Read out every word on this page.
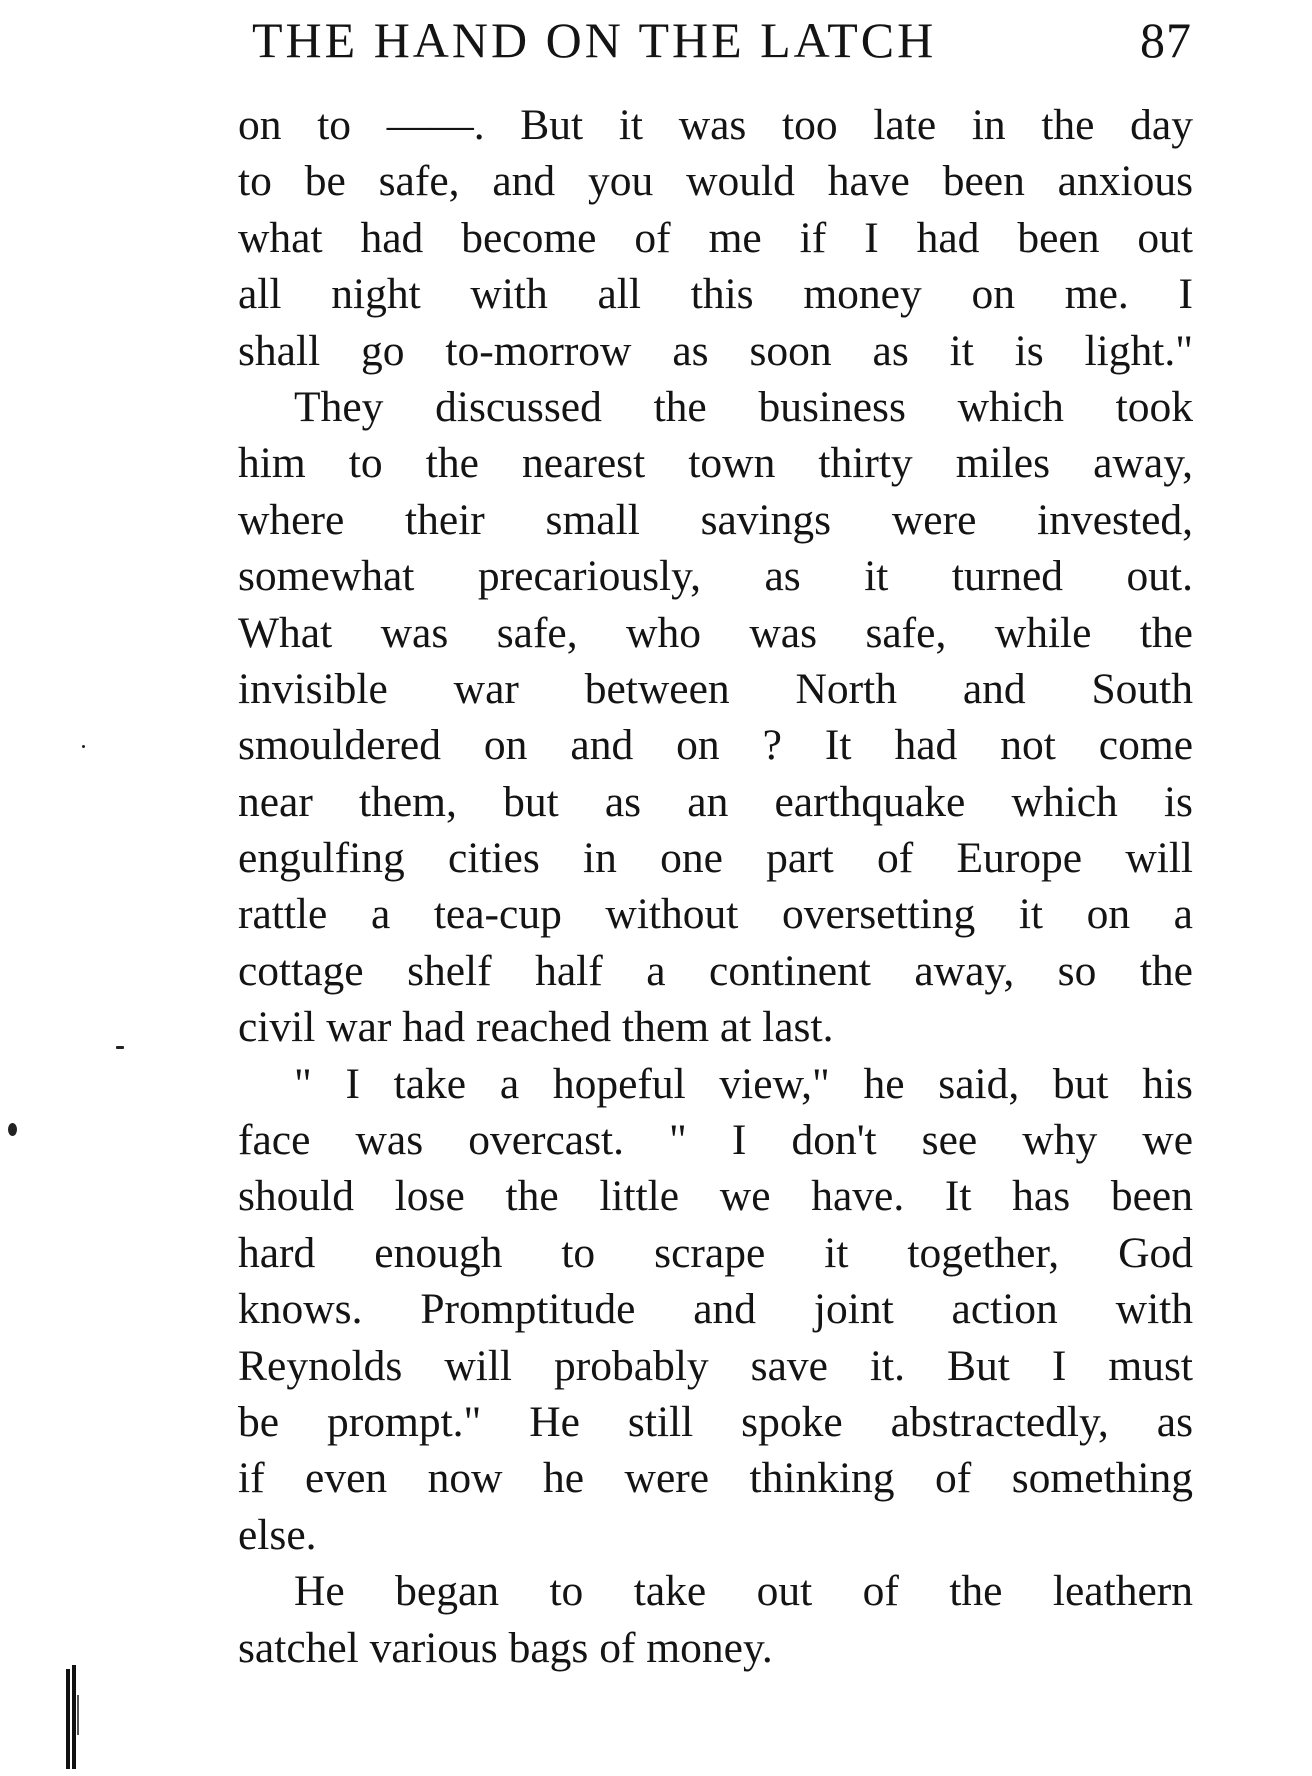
THE HAND ON THE LATCH	87
on to ——. But it was too late in the day
to be safe, and you would have been anxious
what had become of me if I had been out
all night with all this money on me. I
shall go to-morrow as soon as it is light."
They discussed the business which took
him to the nearest town thirty miles away,
where their small savings were invested,
somewhat precariously, as it turned out.
What was safe, who was safe, while the
invisible war between North and South
smouldered on and on ? It had not come
near them, but as an earthquake which is
engulfing cities in one part of Europe will
rattle a tea-cup without oversetting it on a
cottage shelf half a continent away, so the
civil war had reached them at last.
" I take a hopeful view," he said, but his
face was overcast. " I don't see why we
should lose the little we have. It has been
hard enough to scrape it together, God
knows. Promptitude and joint action with
Reynolds will probably save it. But I must
be prompt." He still spoke abstractedly, as
if even now he were thinking of something
else.
He began to take out of the leathern
satchel various bags of money.
